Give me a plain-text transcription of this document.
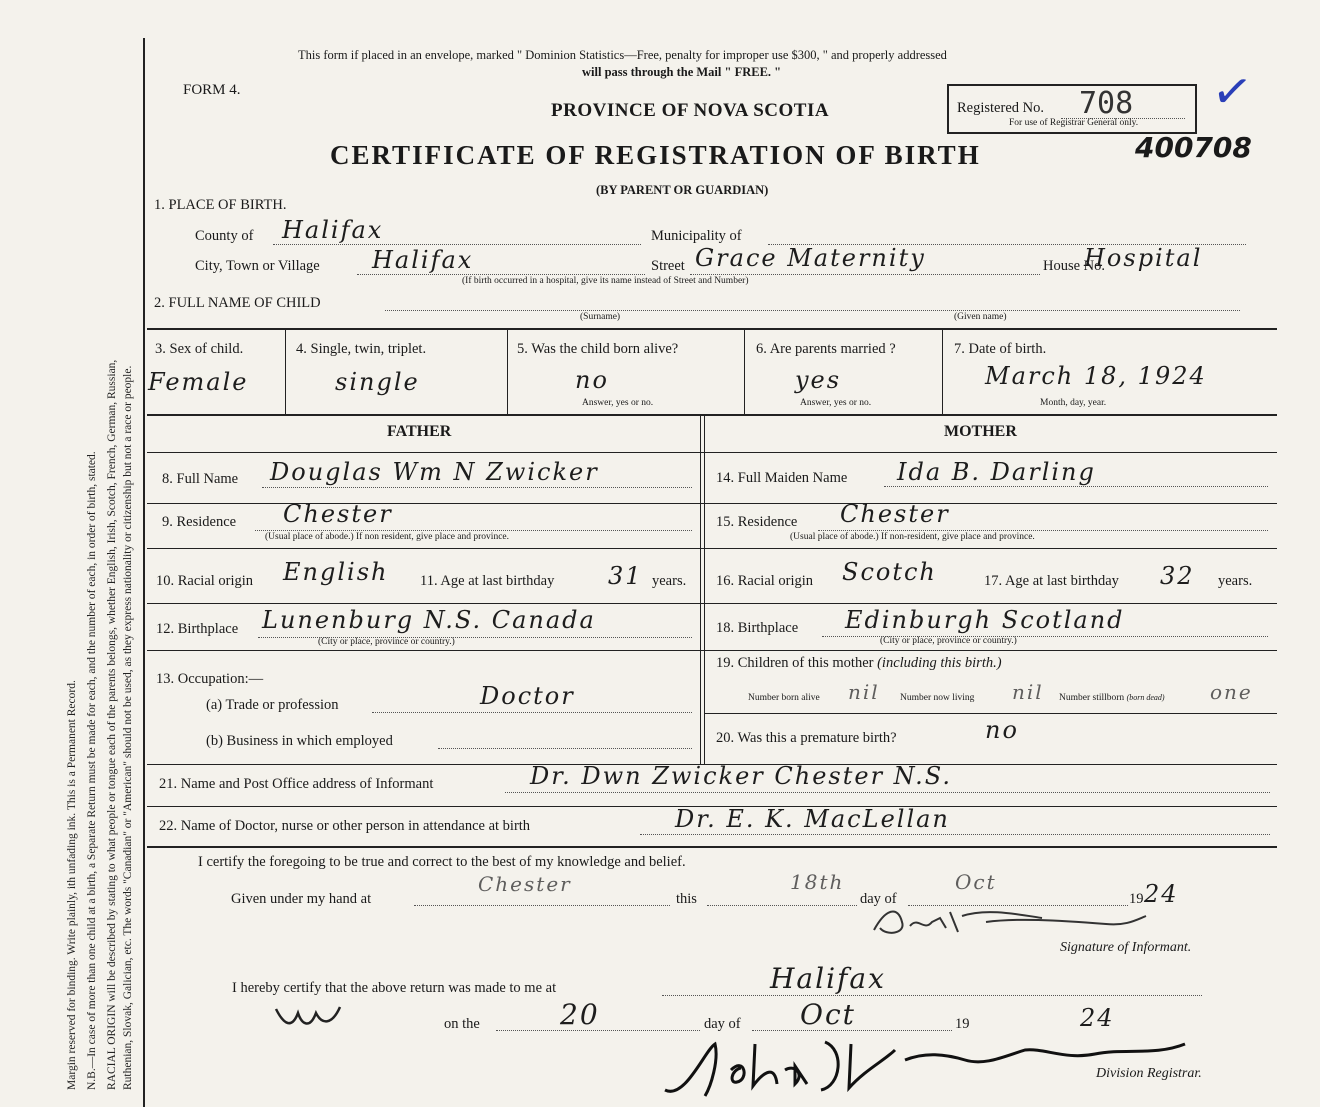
Margin reserved for binding. Write plainly, ith unfading ink. This is a Permanent Record. N.B.—In case of more than one child at a birth, a Separate Return must be made for each, and the number of each, in order of birth, stated. RACIAL ORIGIN will be described by stating to what people or tongue each of the parents belongs, whether English, Irish, Scotch, French, German, Russian, Ruthenian, Slovak, Galician, etc. The words "Canadian" or "American" should not be used, as they express nationality or citizenship but not a race or people.
This form if placed in an envelope, marked " Dominion Statistics—Free, penalty for improper use $300, " and properly addressed
will pass through the Mail " FREE. "
FORM 4.
PROVINCE OF NOVA SCOTIA
CERTIFICATE OF REGISTRATION OF BIRTH
(BY PARENT OR GUARDIAN)
Registered No. 708
For use of Registrar General only.
✓
400708
1. PLACE OF BIRTH.
County of Halifax	Municipality of
City, Town or Village Halifax	Street Grace Maternity	House No.
Hospital
(If birth occurred in a hospital, give its name instead of Street and Number)
2. FULL NAME OF CHILD
(Surname)	(Given name)
3. Sex of child.
Female
4. Single, twin, triplet.
single
5. Was the child born alive?
no
Answer, yes or no.
6. Are parents married ?
yes
Answer, yes or no.
7. Date of birth.
March 18, 1924
Month, day, year.
FATHER	MOTHER
8. Full Name Douglas Wm N Zwicker
9. Residence Chester
(Usual place of abode.) If non resident, give place and province.
10. Racial origin English 11. Age at last birthday 31 years.
12. Birthplace Lunenburg N.S. Canada
(City or place, province or country.)
13. Occupation:—
(a) Trade or profession	Doctor
(b) Business in which employed
14. Full Maiden Name Ida B. Darling
15. Residence Chester
(Usual place of abode.) If non-resident, give place and province.
16. Racial origin Scotch	17. Age at last birthday 32 years.
18. Birthplace Edinburgh Scotland
(City or place, province or country.)
19. Children of this mother (including this birth.)
Number born alive nil Number now living nil Number stillborn (born dead) one
20. Was this a premature birth?	no
21. Name and Post Office address of Informant	Dr. Dwn Zwicker Chester N.S.
22. Name of Doctor, nurse or other person in attendance at birth	Dr. E. K. MacLellan
I certify the foregoing to be true and correct to the best of my knowledge and belief.
Given under my hand at
Chester
this
18th
day of
Oct
19 24
Signature of Informant.
I hereby certify that the above return was made to me at	Halifax
on the	20	day of Oct	19	24
Division Registrar.
